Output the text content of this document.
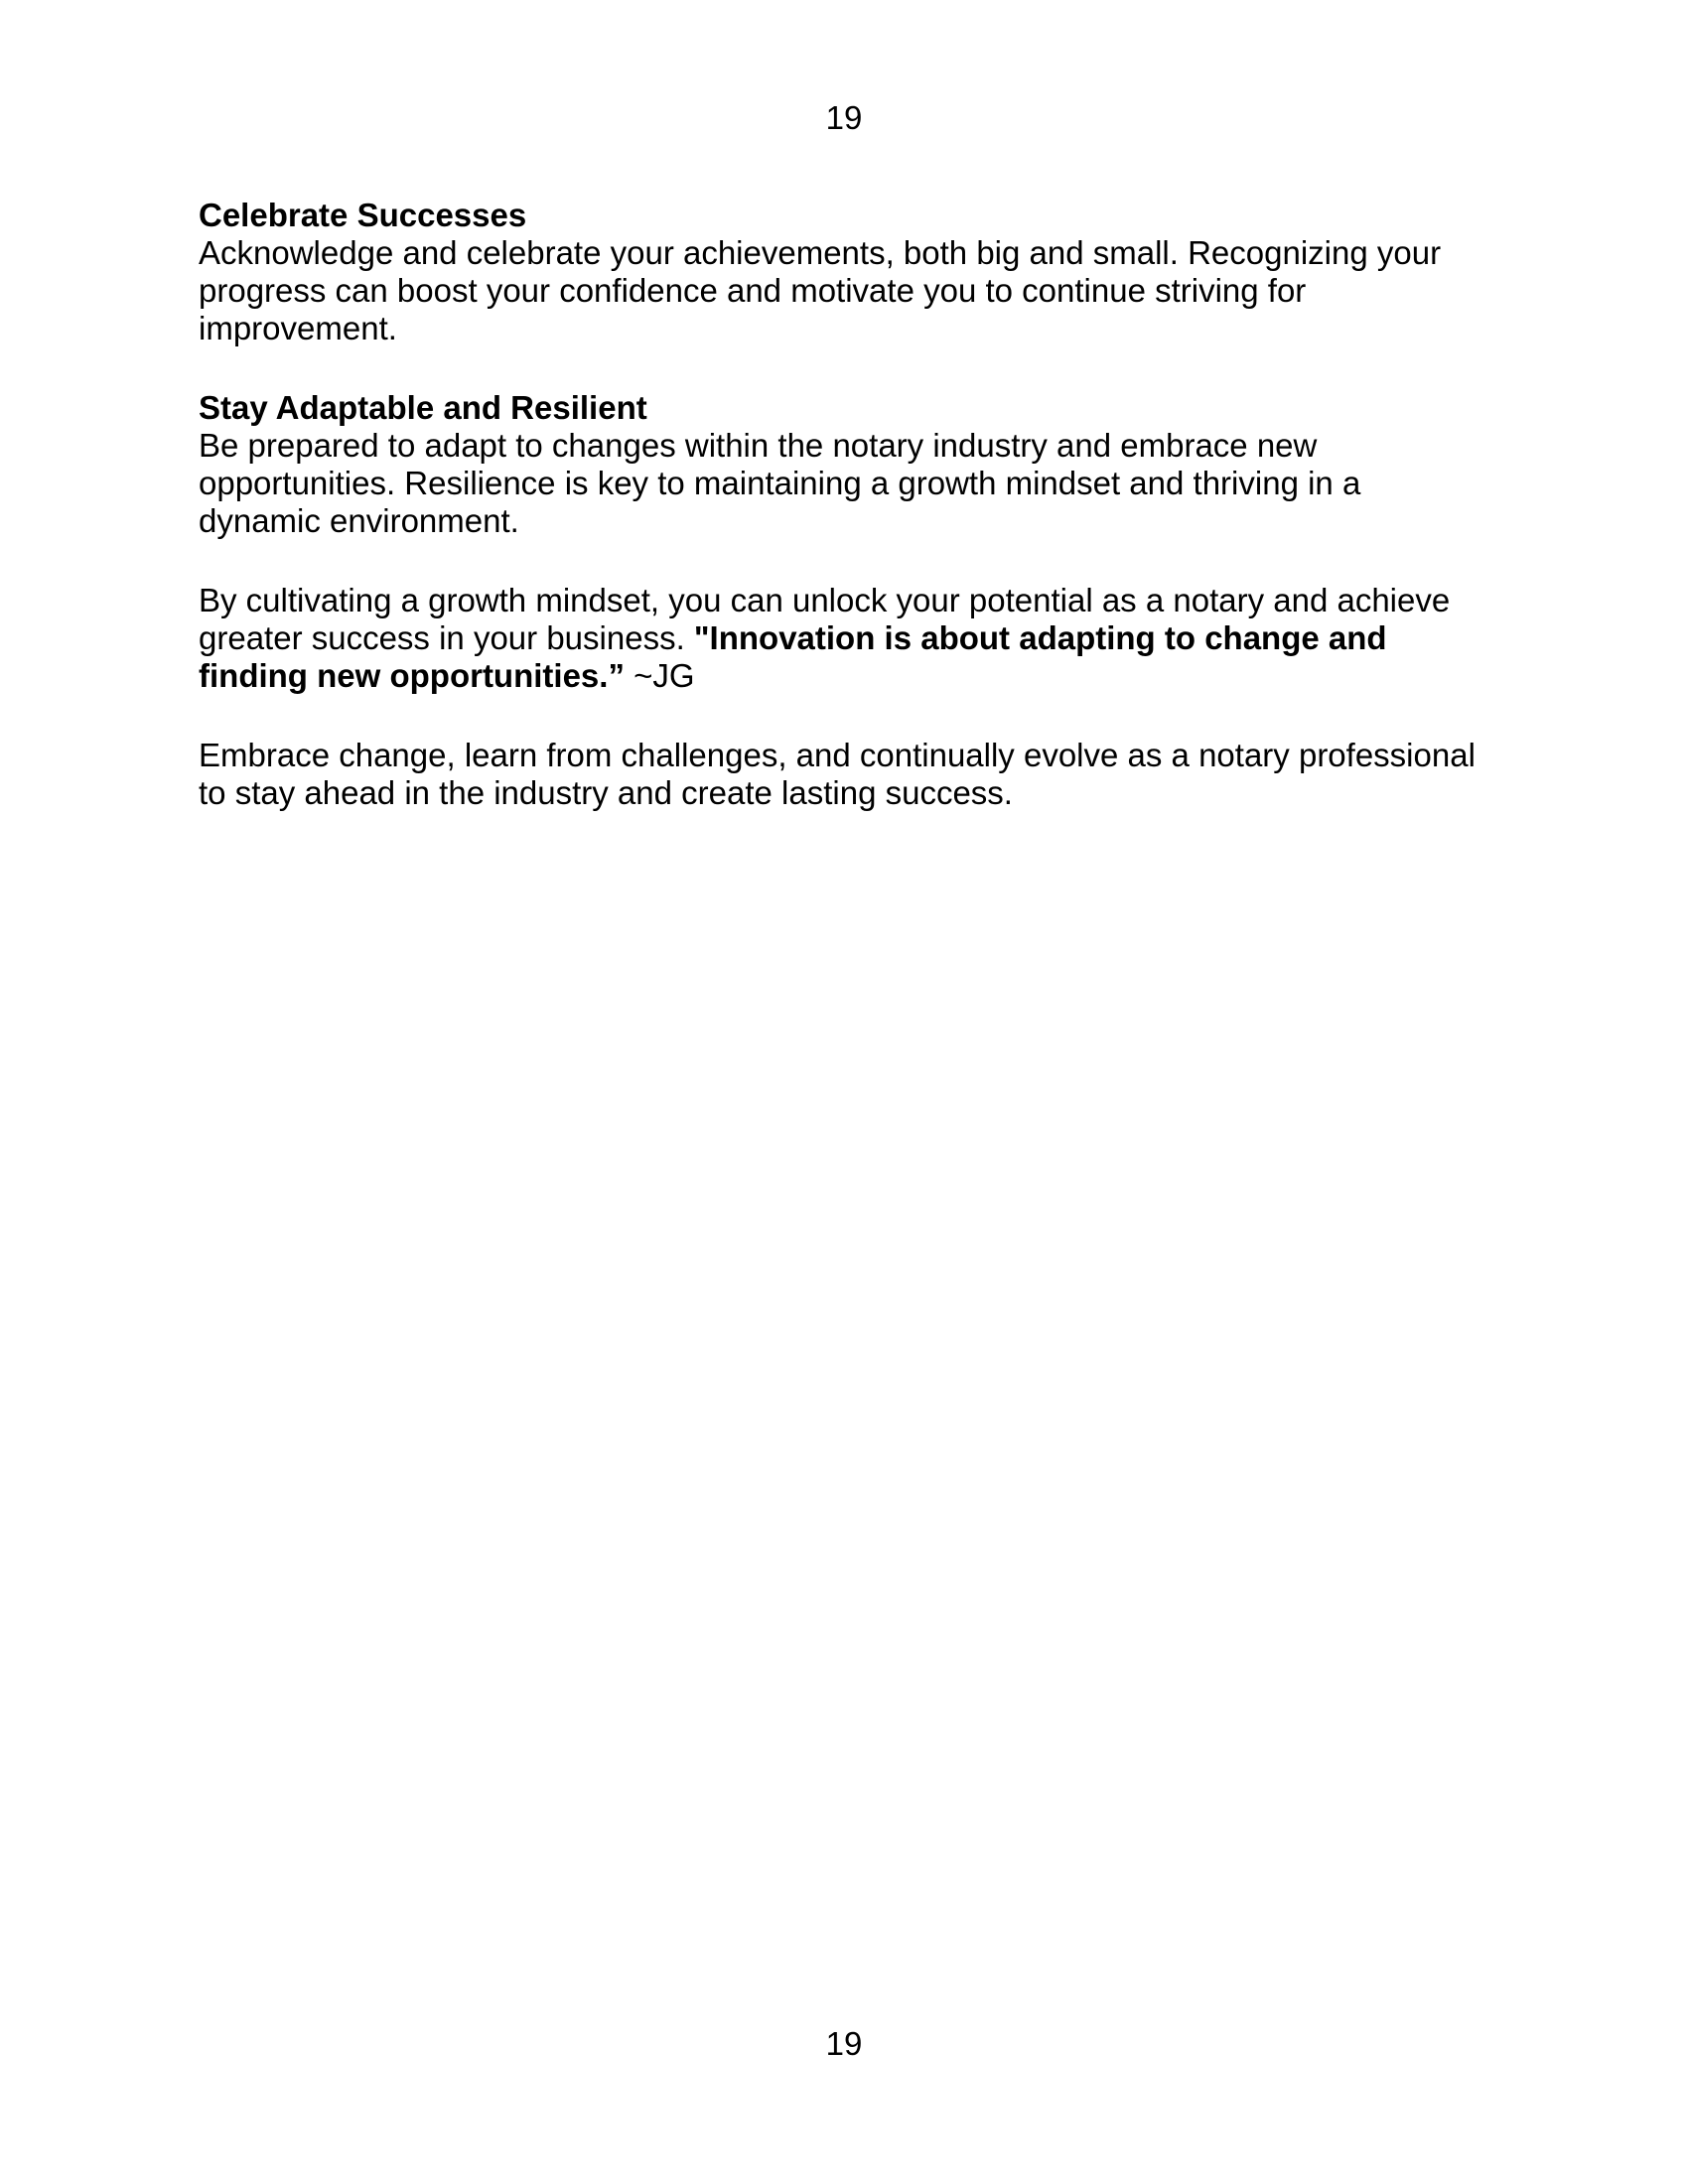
19
Celebrate Successes
Acknowledge and celebrate your achievements, both big and small. Recognizing your progress can boost your confidence and motivate you to continue striving for improvement.
Stay Adaptable and Resilient
Be prepared to adapt to changes within the notary industry and embrace new opportunities. Resilience is key to maintaining a growth mindset and thriving in a dynamic environment.

By cultivating a growth mindset, you can unlock your potential as a notary and achieve greater success in your business. "Innovation is about adapting to change and finding new opportunities.” ~JG

Embrace change, learn from challenges, and continually evolve as a notary professional to stay ahead in the industry and create lasting success.
19
